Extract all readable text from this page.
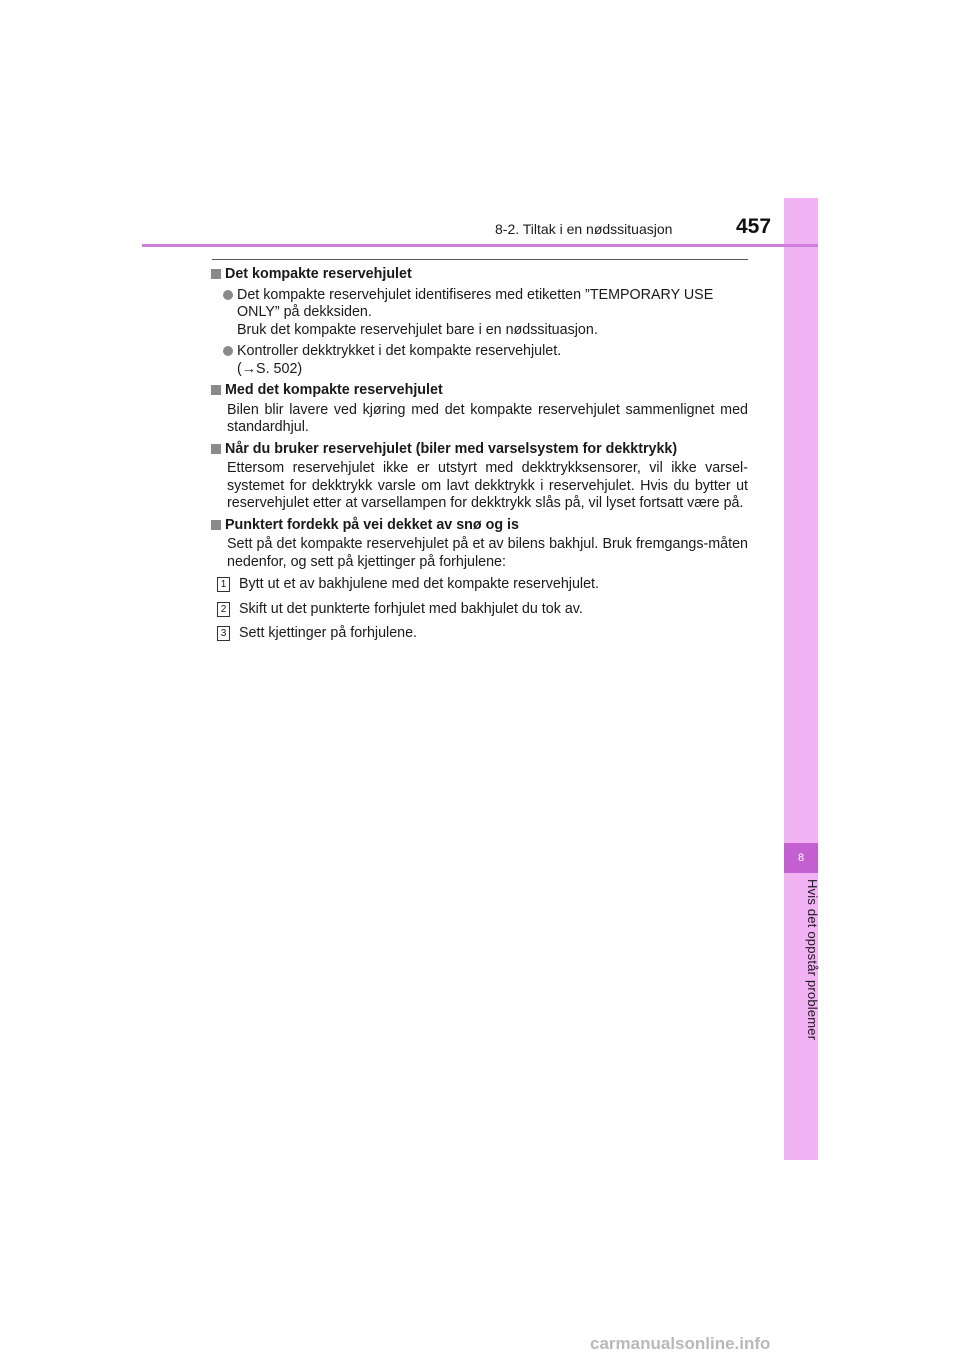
8
Hvis det oppstår problemer
8-2. Tiltak i en nødssituasjon	457
Det kompakte reservehjulet

Det kompakte reservehjulet identifiseres med etiketten ”TEMPORARY USE ONLY” på dekksiden.

Bruk det kompakte reservehjulet bare i en nødssituasjon.

Kontroller dekktrykket i det kompakte reservehjulet.

(→S. 502)

Med det kompakte reservehjulet

Bilen blir lavere ved kjøring med det kompakte reservehjulet sammenlignet med standardhjul.

Når du bruker reservehjulet (biler med varselsystem for dekktrykk)

Ettersom reservehjulet ikke er utstyrt med dekktrykksensorer, vil ikke varsel-systemet for dekktrykk varsle om lavt dekktrykk i reservehjulet. Hvis du bytter ut reservehjulet etter at varsellampen for dekktrykk slås på, vil lyset fortsatt være på.

Punktert fordekk på vei dekket av snø og is

Sett på det kompakte reservehjulet på et av bilens bakhjul. Bruk fremgangs-måten nedenfor, og sett på kjettinger på forhjulene:

1 Bytt ut et av bakhjulene med det kompakte reservehjulet.
2 Skift ut det punkterte forhjulet med bakhjulet du tok av.
3 Sett kjettinger på forhjulene.
carmanualsonline.info
